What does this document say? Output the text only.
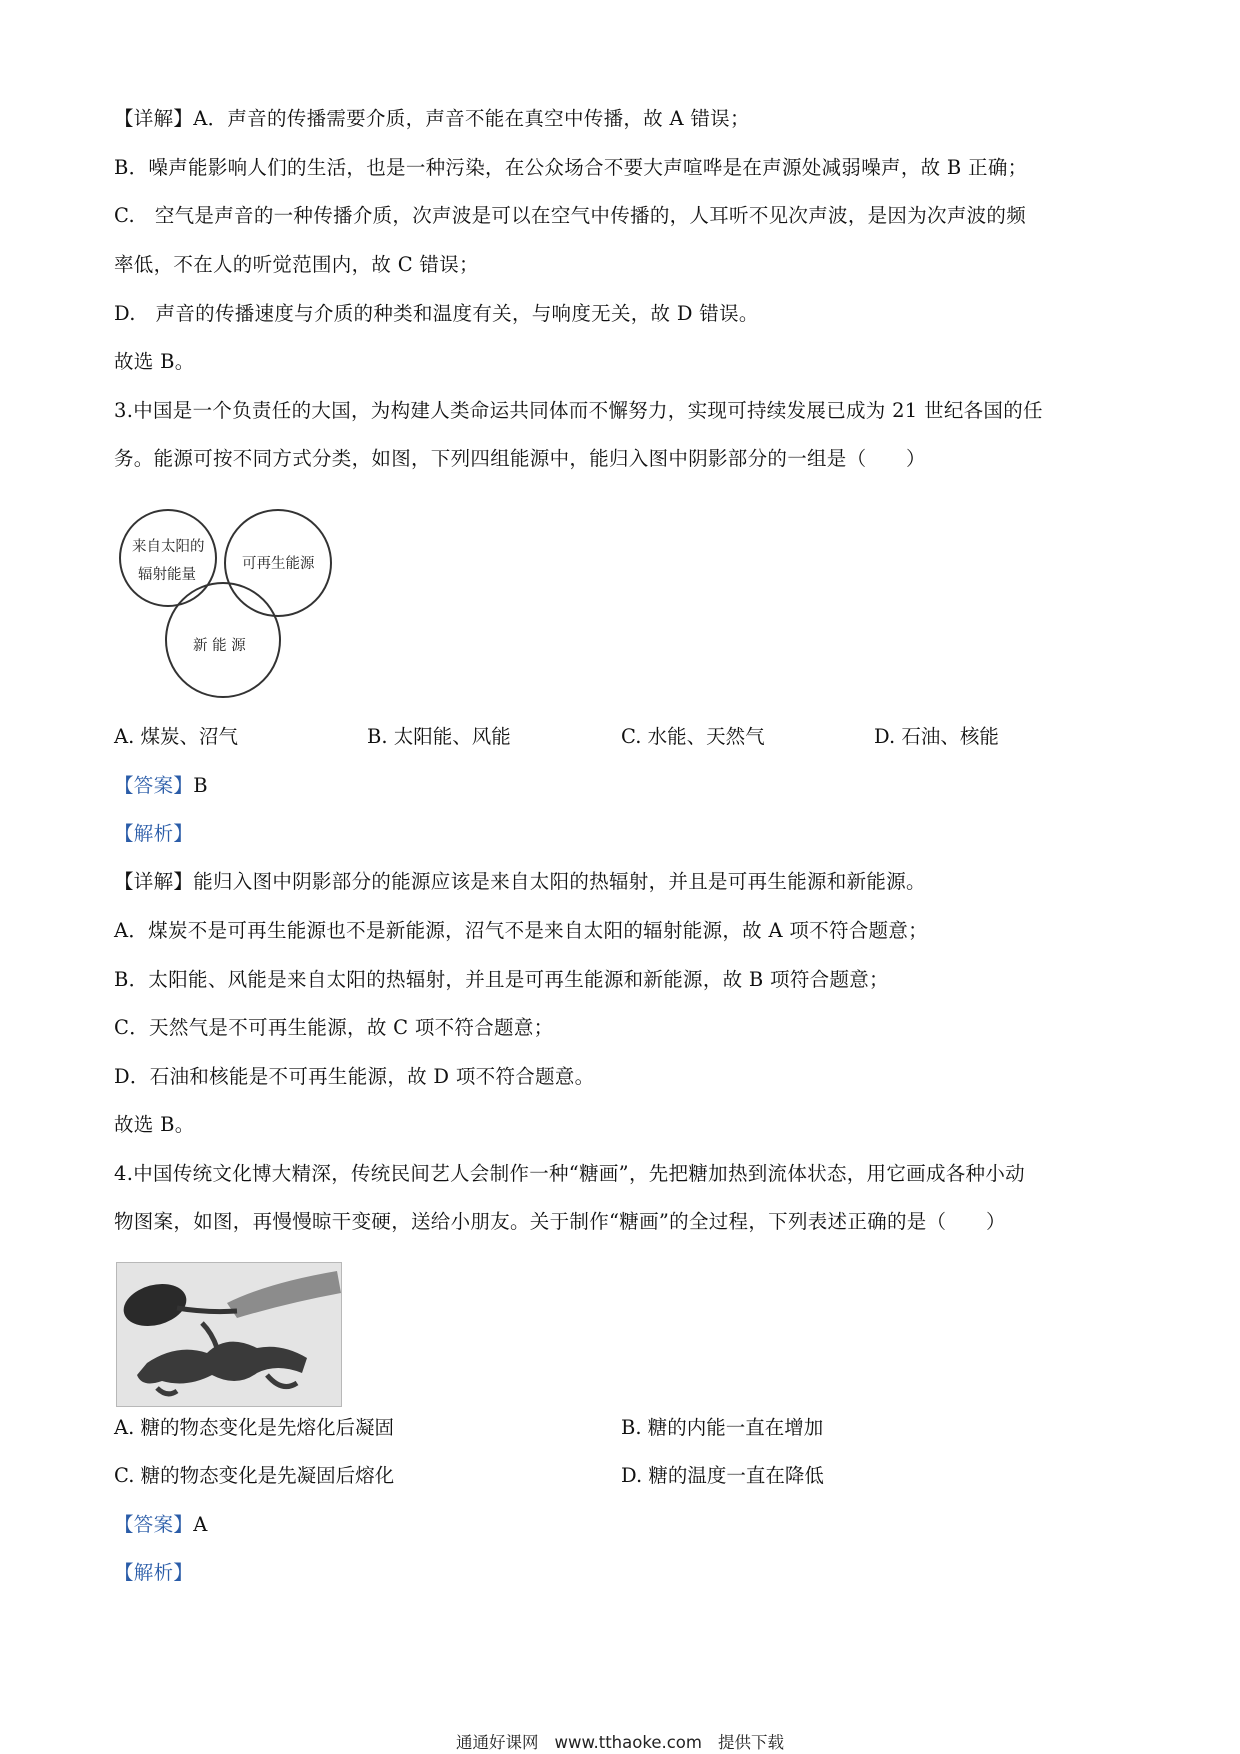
【详解】A．声音的传播需要介质，声音不能在真空中传播，故 A 错误；
B．噪声能影响人们的生活，也是一种污染，在公众场合不要大声喧哗是在声源处减弱噪声，故 B 正确；
C.　空气是声音的一种传播介质，次声波是可以在空气中传播的，人耳听不见次声波，是因为次声波的频
率低，不在人的听觉范围内，故 C 错误；
D.　声音的传播速度与介质的种类和温度有关，与响度无关，故 D 错误。
故选 B。
3.中国是一个负责任的大国，为构建人类命运共同体而不懈努力，实现可持续发展已成为 21 世纪各国的任
务。能源可按不同方式分类，如图，下列四组能源中，能归入图中阴影部分的一组是（　　）
来自太阳的
辐射能量
可再生能源
新 能 源
A. 煤炭、沼气	B. 太阳能、风能	C. 水能、天然气	D. 石油、核能
【答案】B
【解析】
【详解】能归入图中阴影部分的能源应该是来自太阳的热辐射，并且是可再生能源和新能源。
A．煤炭不是可再生能源也不是新能源，沼气不是来自太阳的辐射能源，故 A 项不符合题意；
B．太阳能、风能是来自太阳的热辐射，并且是可再生能源和新能源，故 B 项符合题意；
C．天然气是不可再生能源，故 C 项不符合题意；
D．石油和核能是不可再生能源，故 D 项不符合题意。
故选 B。
4.中国传统文化博大精深，传统民间艺人会制作一种“糖画”，先把糖加热到流体状态，用它画成各种小动
物图案，如图，再慢慢晾干变硬，送给小朋友。关于制作“糖画”的全过程，下列表述正确的是（　　）
A. 糖的物态变化是先熔化后凝固	B. 糖的内能一直在增加
C. 糖的物态变化是先凝固后熔化	D. 糖的温度一直在降低
【答案】A
【解析】
通通好课网 www.tthaoke.com 提供下载
